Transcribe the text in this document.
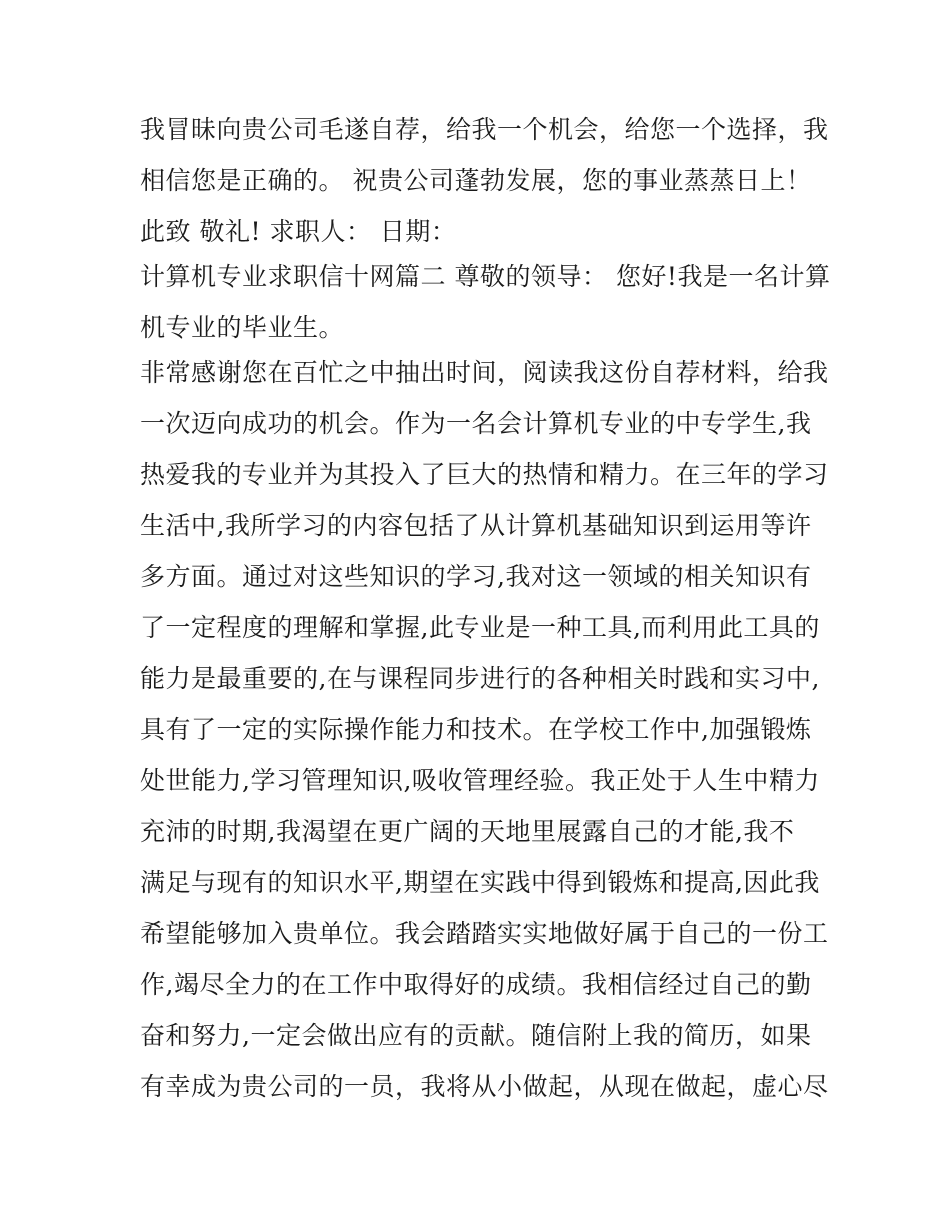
我冒昧向贵公司毛遂自荐，给我一个机会，给您一个选择，我
相信您是正确的。 祝贵公司蓬勃发展，您的事业蒸蒸日上！
此致 敬礼! 求职人： 日期：
计算机专业求职信十网篇二 尊敬的领导： 您好!我是一名计算
机专业的毕业生。
非常感谢您在百忙之中抽出时间，阅读我这份自荐材料，给我
一次迈向成功的机会。作为一名会计算机专业的中专学生,我
热爱我的专业并为其投入了巨大的热情和精力。在三年的学习
生活中,我所学习的内容包括了从计算机基础知识到运用等许
多方面。通过对这些知识的学习,我对这一领域的相关知识有
了一定程度的理解和掌握,此专业是一种工具,而利用此工具的
能力是最重要的,在与课程同步进行的各种相关时践和实习中,
具有了一定的实际操作能力和技术。在学校工作中,加强锻炼
处世能力,学习管理知识,吸收管理经验。我正处于人生中精力
充沛的时期,我渴望在更广阔的天地里展露自己的才能,我不
满足与现有的知识水平,期望在实践中得到锻炼和提高,因此我
希望能够加入贵单位。我会踏踏实实地做好属于自己的一份工
作,竭尽全力的在工作中取得好的成绩。我相信经过自己的勤
奋和努力,一定会做出应有的贡献。随信附上我的简历，如果
有幸成为贵公司的一员，我将从小做起，从现在做起，虚心尽
